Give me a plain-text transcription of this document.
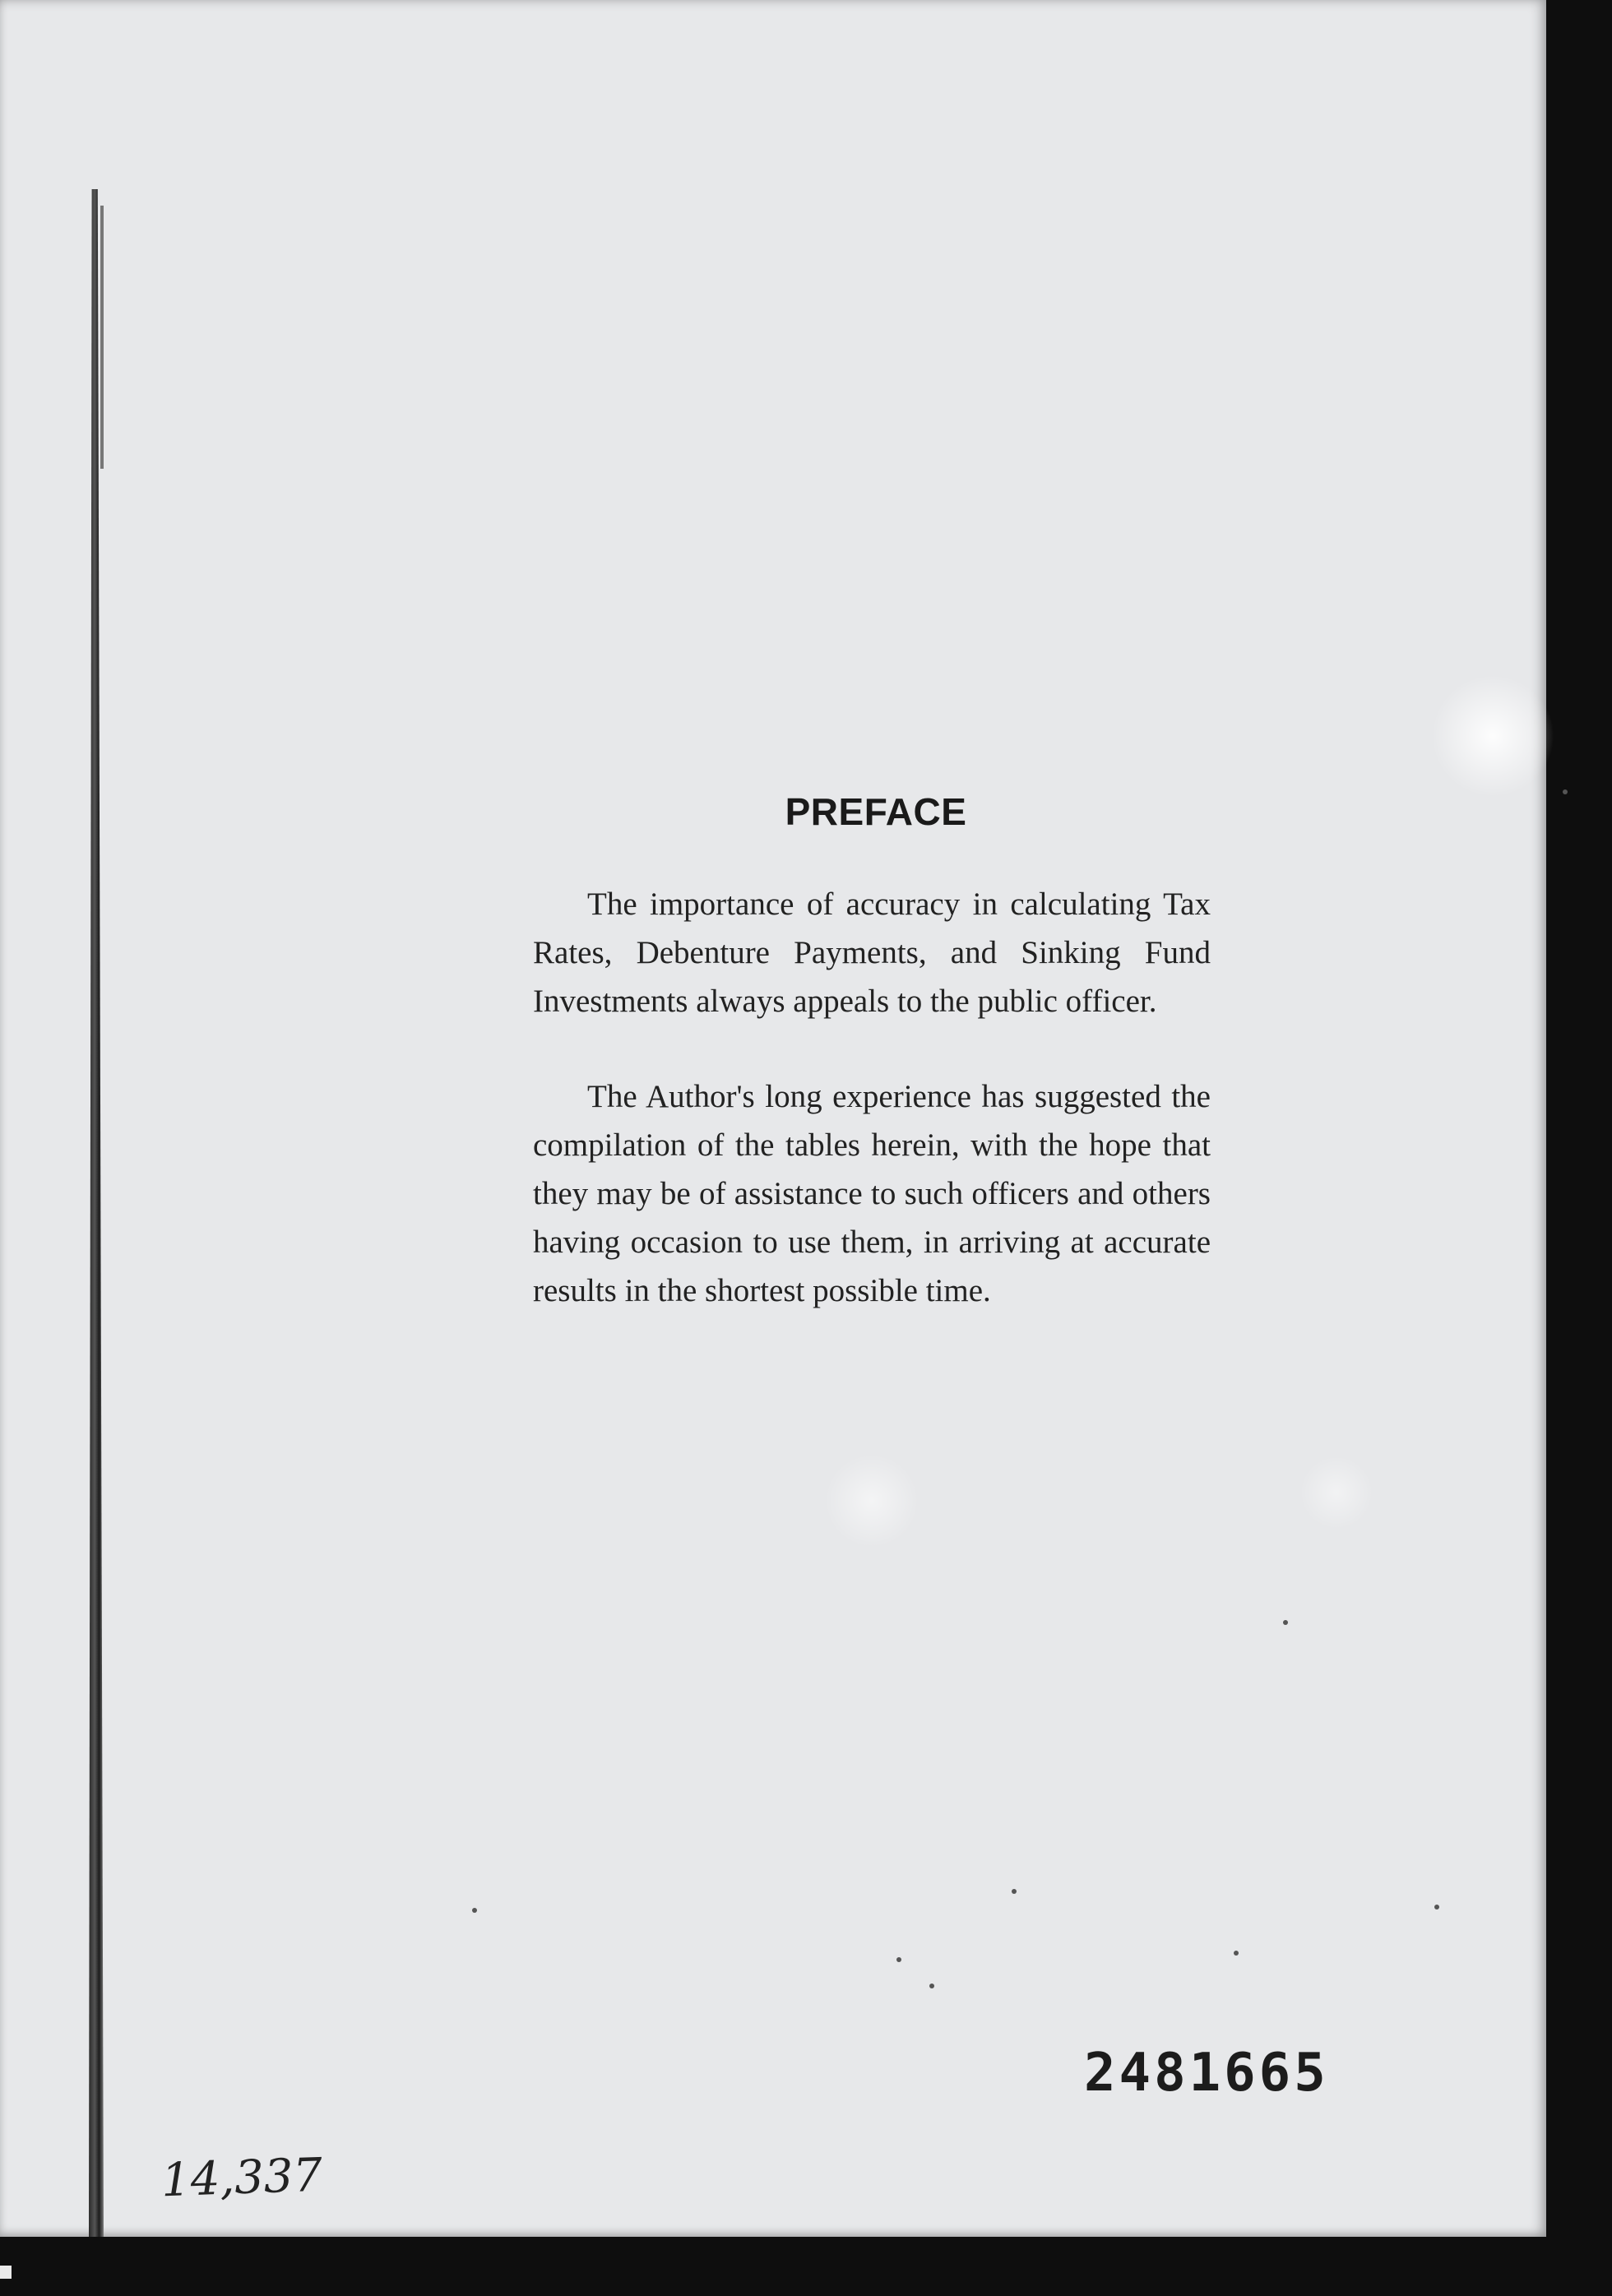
PREFACE

The importance of accuracy in calculating Tax Rates, Debenture Payments, and Sinking Fund Investments always appeals to the public officer.

The Author's long experience has suggested the compilation of the tables herein, with the hope that they may be of assistance to such officers and others having occasion to use them, in arriving at accurate results in the shortest possible time.

2481665
14,337
